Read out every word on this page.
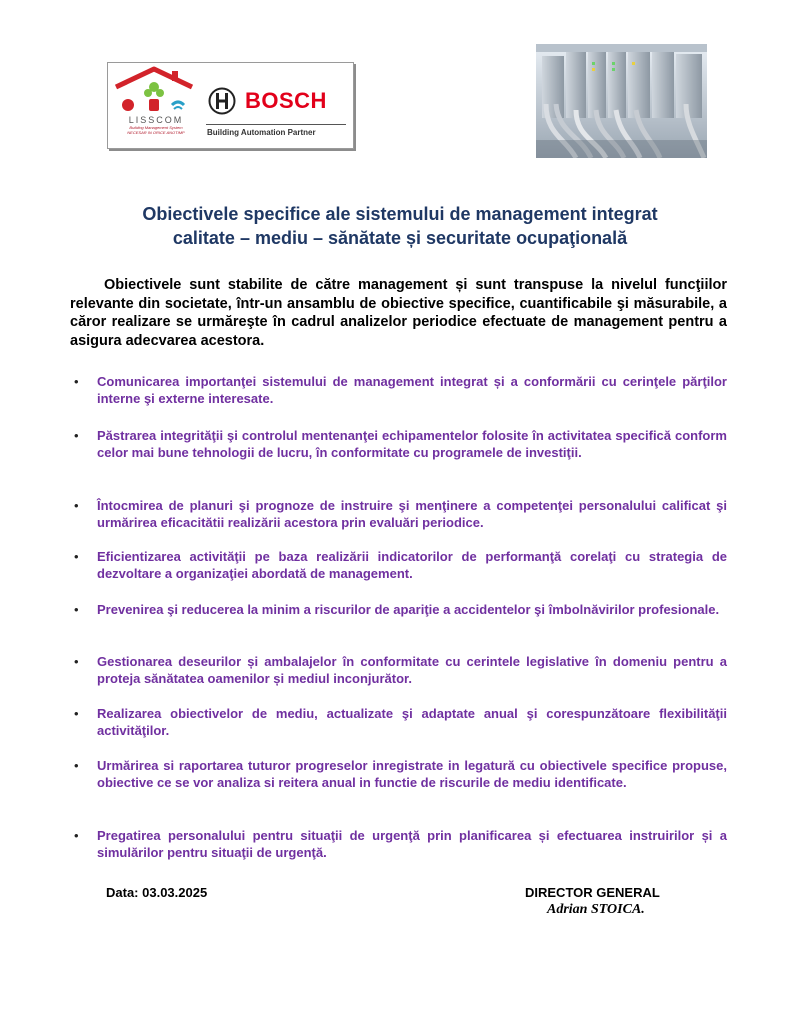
LISSCOM
Building Management System
NECESAR IN ORICE ANOTIMP
BOSCH
Building Automation Partner
Obiectivele specifice ale sistemului de management integrat
calitate – mediu – sănătate și securitate ocupaţională
Obiectivele sunt stabilite de către management și sunt transpuse la nivelul funcţiilor relevante din societate, într-un ansamblu de obiective specifice, cuantificabile şi măsurabile, a căror realizare se urmăreşte în cadrul analizelor periodice efectuate de management pentru a asigura adecvarea acestora.
• Comunicarea importanţei sistemului de management integrat și a conformării cu cerinţele părţilor interne şi externe interesate.
• Păstrarea integrităţii şi controlul mentenanţei echipamentelor folosite în activitatea specifică conform celor mai bune tehnologii de lucru, în conformitate cu programele de investiţii.
• Întocmirea de planuri şi prognoze de instruire şi menţinere a competenţei personalului calificat şi urmărirea eficacitătii realizării acestora prin evaluări periodice.
• Eficientizarea activităţii pe baza realizării indicatorilor de performanţă corelaţi cu strategia de dezvoltare a organizaţiei abordată de management.
• Prevenirea şi reducerea la minim a riscurilor de apariţie a accidentelor şi îmbolnăvirilor profesionale.
• Gestionarea deseurilor și ambalajelor în conformitate cu cerintele legislative în domeniu pentru a proteja sănătatea oamenilor și mediul inconjurător.
• Realizarea obiectivelor de mediu, actualizate şi adaptate anual şi corespunzătoare flexibilităţii activităţilor.
• Urmărirea si raportarea tuturor progreselor inregistrate in legatură cu obiectivele specifice propuse, obiective ce se vor analiza si reitera anual in functie de riscurile de mediu identificate.
• Pregatirea personalului pentru situaţii de urgenţă prin planificarea și efectuarea instruirilor și a simulărilor pentru situaţii de urgenţă.
Data: 03.03.2025	DIRECTOR GENERAL
Adrian STOICA.
